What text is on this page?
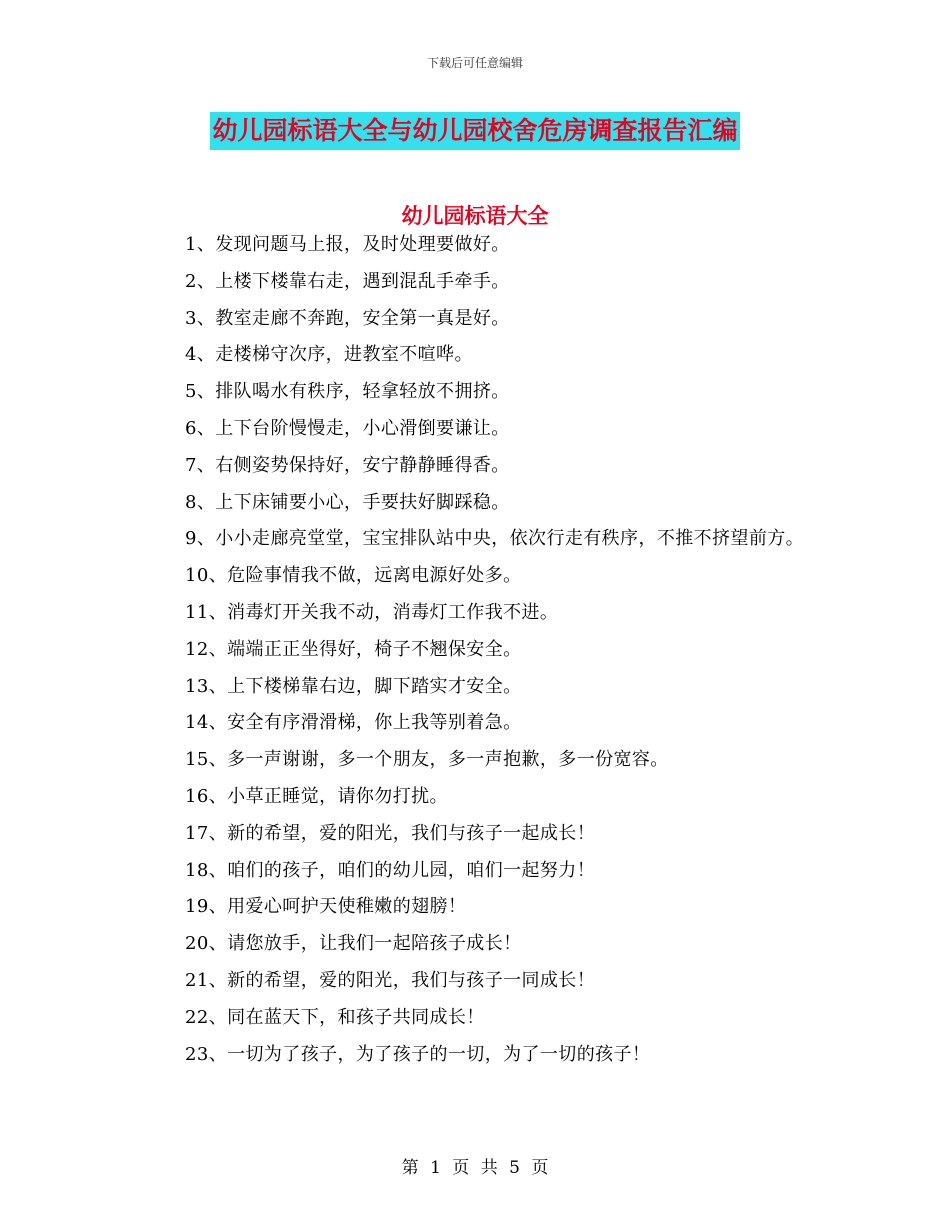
下载后可任意编辑
幼儿园标语大全与幼儿园校舍危房调查报告汇编
幼儿园标语大全
1、发现问题马上报，及时处理要做好。
2、上楼下楼靠右走，遇到混乱手牵手。
3、教室走廊不奔跑，安全第一真是好。
4、走楼梯守次序，进教室不喧哗。
5、排队喝水有秩序，轻拿轻放不拥挤。
6、上下台阶慢慢走，小心滑倒要谦让。
7、右侧姿势保持好，安宁静静睡得香。
8、上下床铺要小心，手要扶好脚踩稳。
9、小小走廊亮堂堂，宝宝排队站中央，依次行走有秩序，不推不挤望前方。
10、危险事情我不做，远离电源好处多。
11、消毒灯开关我不动，消毒灯工作我不进。
12、端端正正坐得好，椅子不翘保安全。
13、上下楼梯靠右边，脚下踏实才安全。
14、安全有序滑滑梯，你上我等别着急。
15、多一声谢谢，多一个朋友，多一声抱歉，多一份宽容。
16、小草正睡觉，请你勿打扰。
17、新的希望，爱的阳光，我们与孩子一起成长！
18、咱们的孩子，咱们的幼儿园，咱们一起努力！
19、用爱心呵护天使稚嫩的翅膀！
20、请您放手，让我们一起陪孩子成长！
21、新的希望，爱的阳光，我们与孩子一同成长！
22、同在蓝天下，和孩子共同成长！
23、一切为了孩子，为了孩子的一切，为了一切的孩子！
第 1 页 共 5 页
